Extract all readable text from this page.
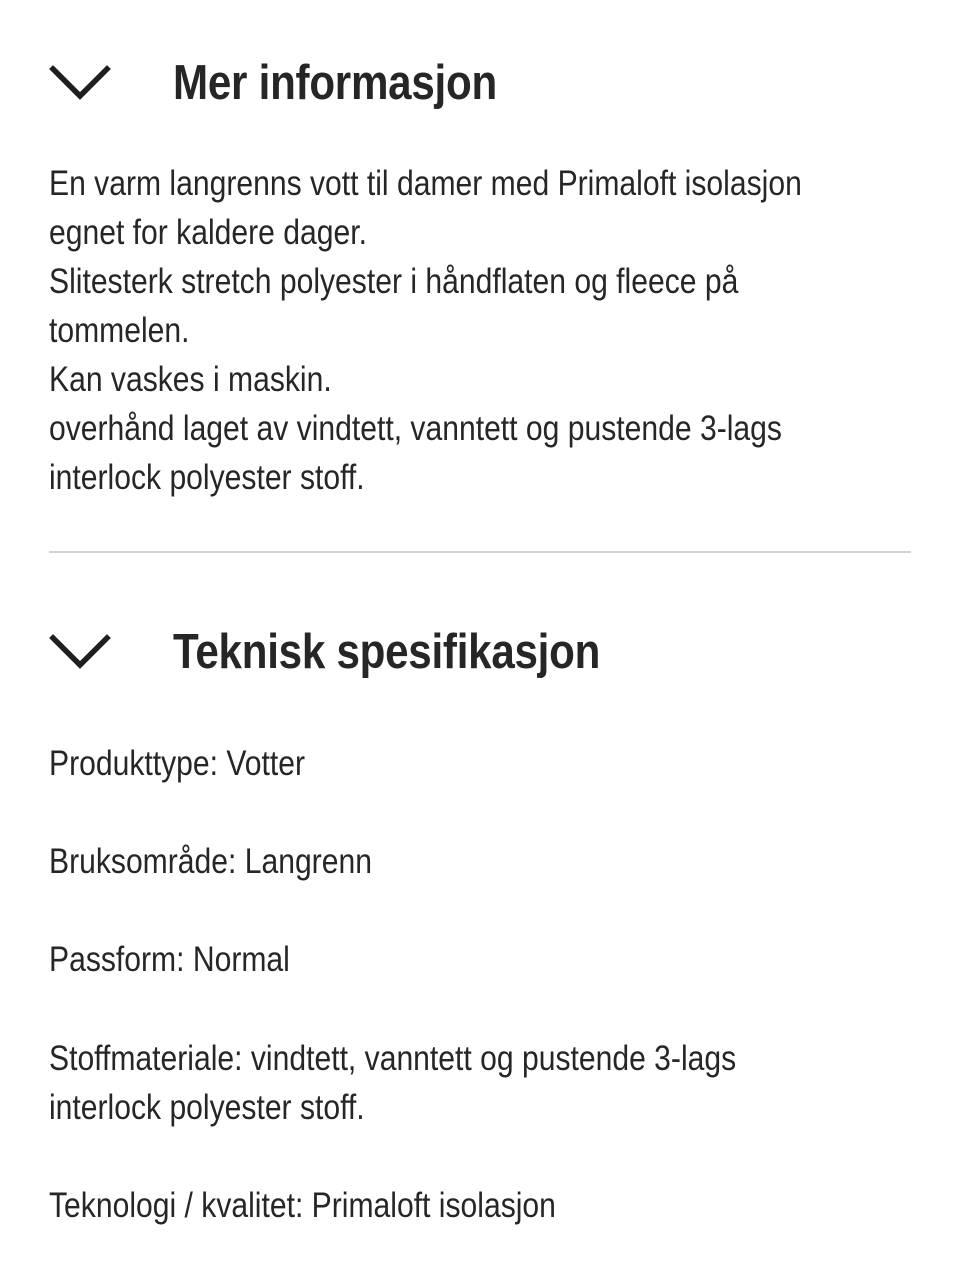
Mer informasjon

En varm langrenns vott til damer med Primaloft isolasjon

egnet for kaldere dager.

Slitesterk stretch polyester i håndflaten og fleece på

tommelen.

Kan vaskes i maskin.

overhånd laget av vindtett, vanntett og pustende 3-lags

interlock polyester stoff.

Teknisk spesifikasjon
Produkttype: Votter
Bruksområde: Langrenn
Passform: Normal
Stoffmateriale: vindtett, vanntett og pustende 3-lags
interlock polyester stoff.
Teknologi / kvalitet: Primaloft isolasjon
